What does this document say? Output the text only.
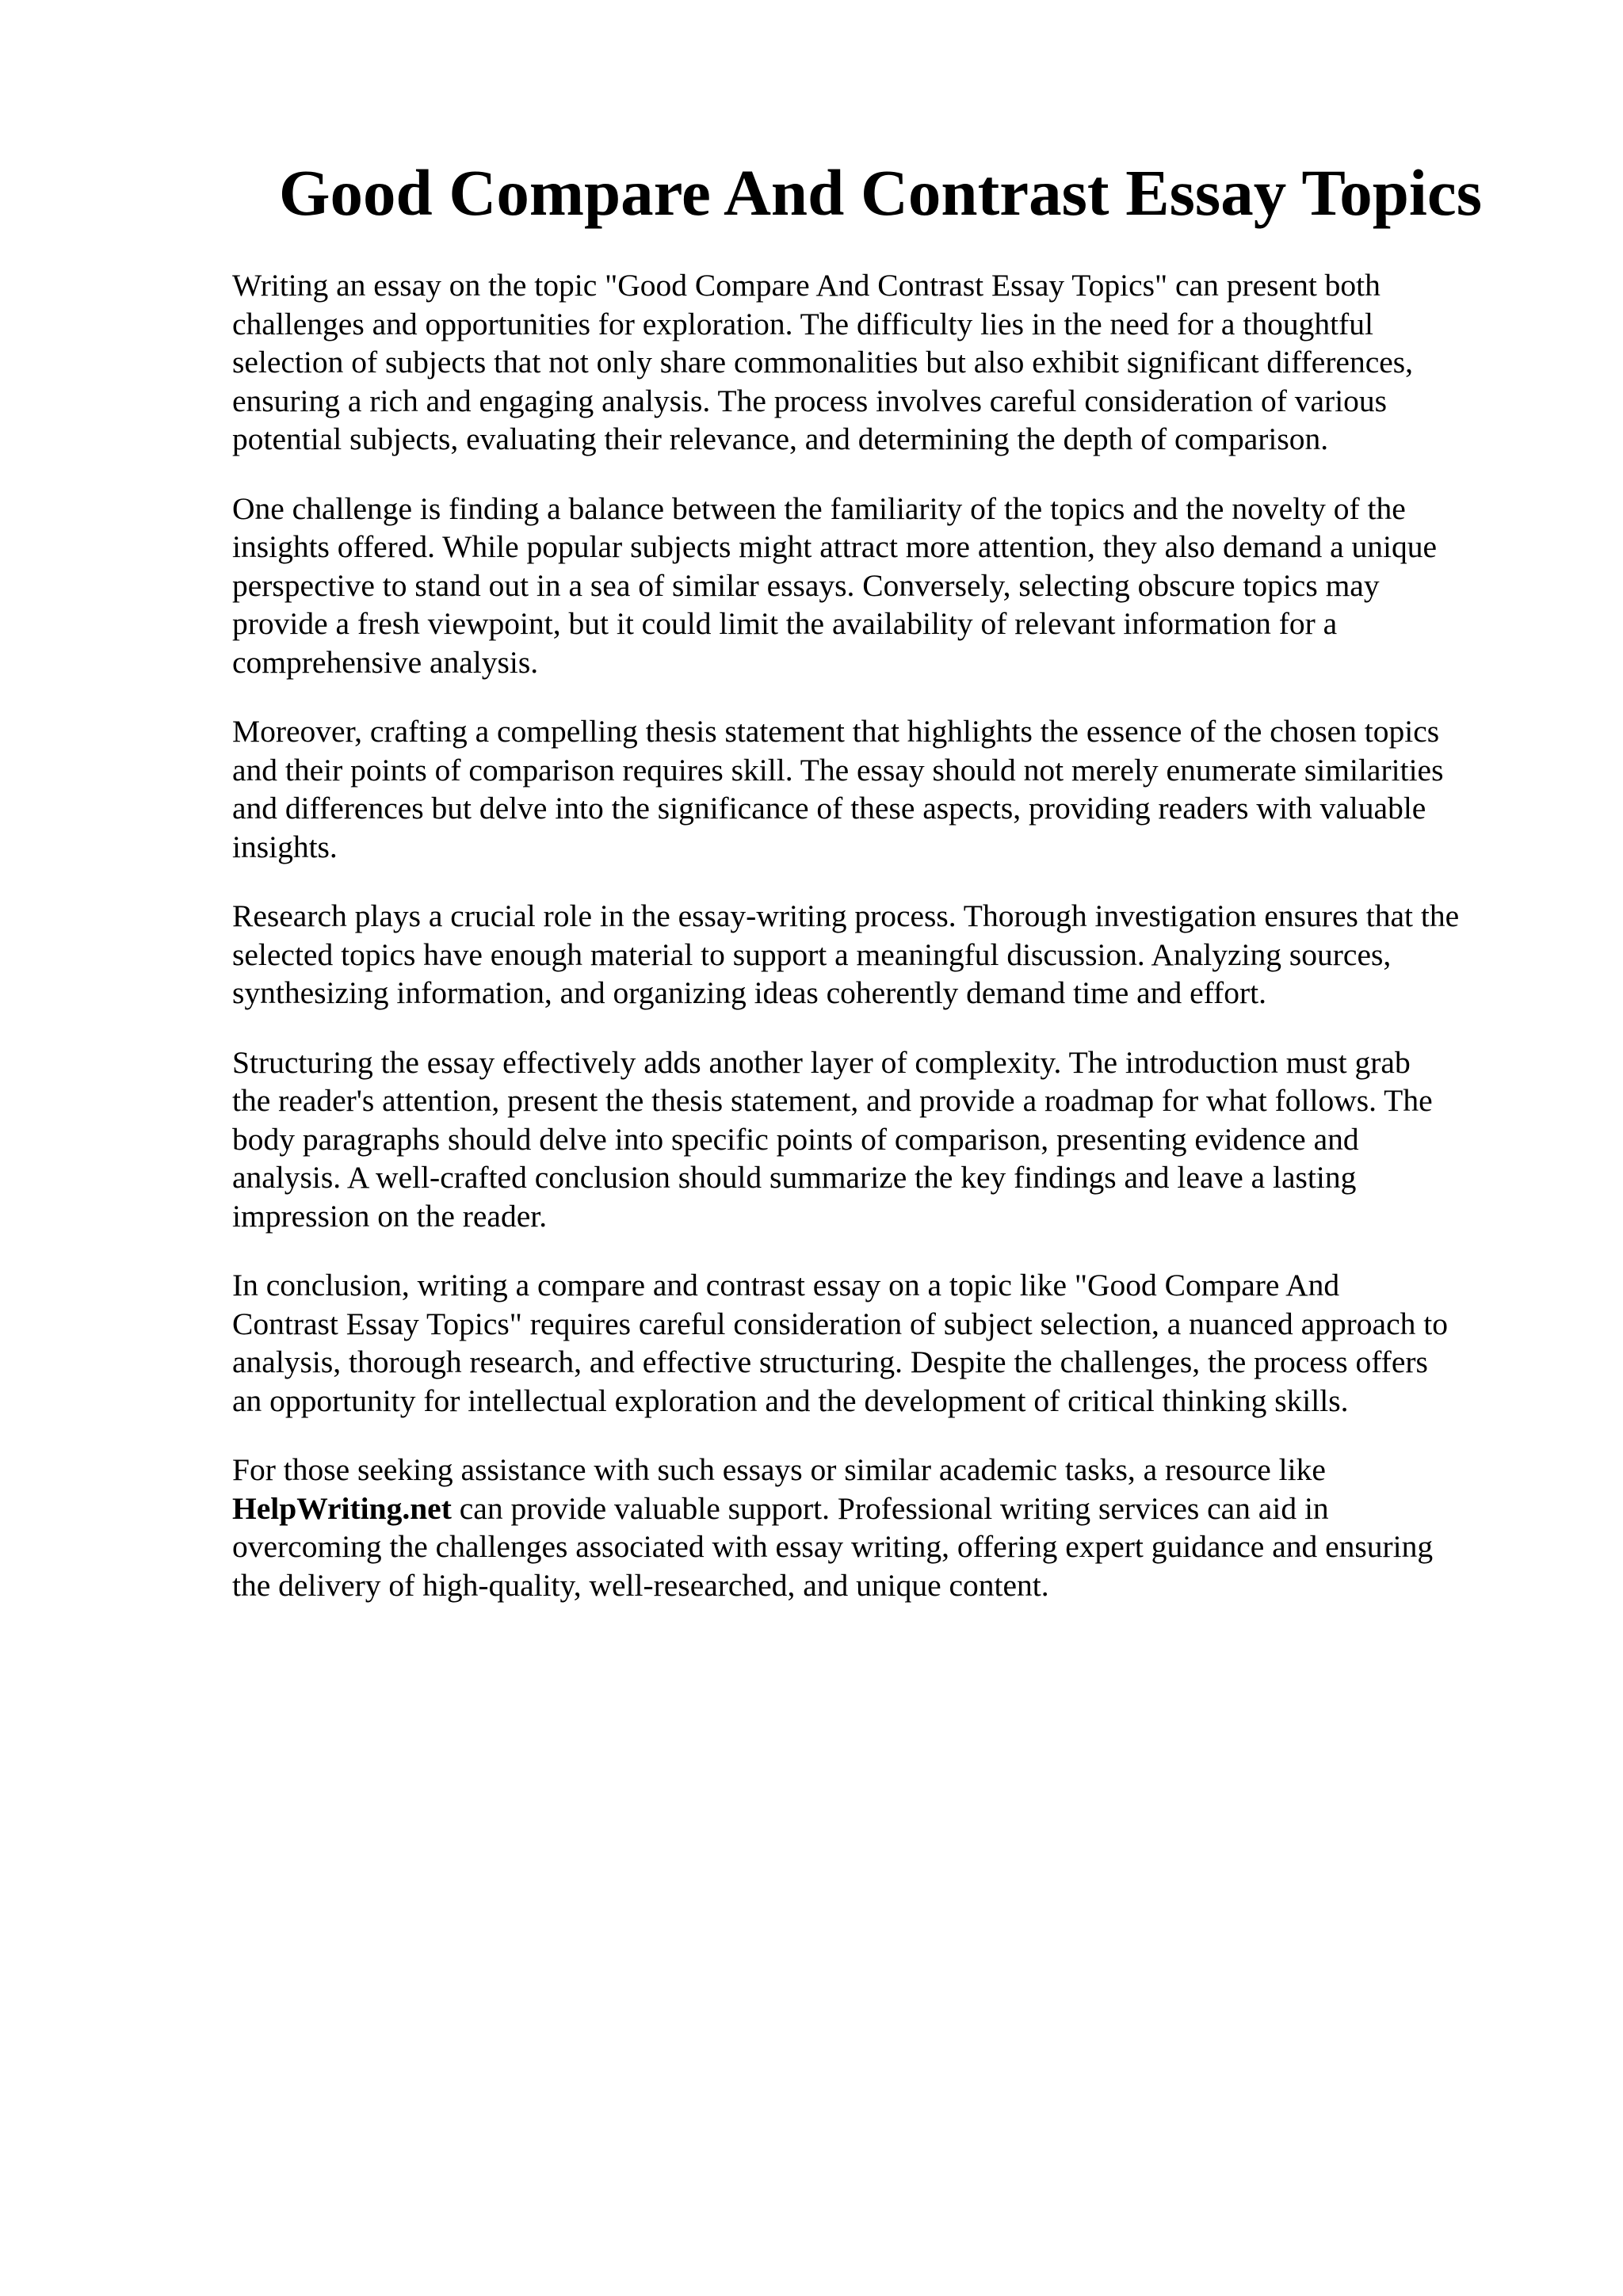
Good Compare And Contrast Essay Topics

Writing an essay on the topic "Good Compare And Contrast Essay Topics" can present both
challenges and opportunities for exploration. The difficulty lies in the need for a thoughtful
selection of subjects that not only share commonalities but also exhibit significant differences,
ensuring a rich and engaging analysis. The process involves careful consideration of various
potential subjects, evaluating their relevance, and determining the depth of comparison.

One challenge is finding a balance between the familiarity of the topics and the novelty of the
insights offered. While popular subjects might attract more attention, they also demand a unique
perspective to stand out in a sea of similar essays. Conversely, selecting obscure topics may
provide a fresh viewpoint, but it could limit the availability of relevant information for a
comprehensive analysis.

Moreover, crafting a compelling thesis statement that highlights the essence of the chosen topics
and their points of comparison requires skill. The essay should not merely enumerate similarities
and differences but delve into the significance of these aspects, providing readers with valuable
insights.

Research plays a crucial role in the essay-writing process. Thorough investigation ensures that the
selected topics have enough material to support a meaningful discussion. Analyzing sources,
synthesizing information, and organizing ideas coherently demand time and effort.

Structuring the essay effectively adds another layer of complexity. The introduction must grab
the reader's attention, present the thesis statement, and provide a roadmap for what follows. The
body paragraphs should delve into specific points of comparison, presenting evidence and
analysis. A well-crafted conclusion should summarize the key findings and leave a lasting
impression on the reader.

In conclusion, writing a compare and contrast essay on a topic like "Good Compare And
Contrast Essay Topics" requires careful consideration of subject selection, a nuanced approach to
analysis, thorough research, and effective structuring. Despite the challenges, the process offers
an opportunity for intellectual exploration and the development of critical thinking skills.

For those seeking assistance with such essays or similar academic tasks, a resource like
HelpWriting.net can provide valuable support. Professional writing services can aid in
overcoming the challenges associated with essay writing, offering expert guidance and ensuring
the delivery of high-quality, well-researched, and unique content.
